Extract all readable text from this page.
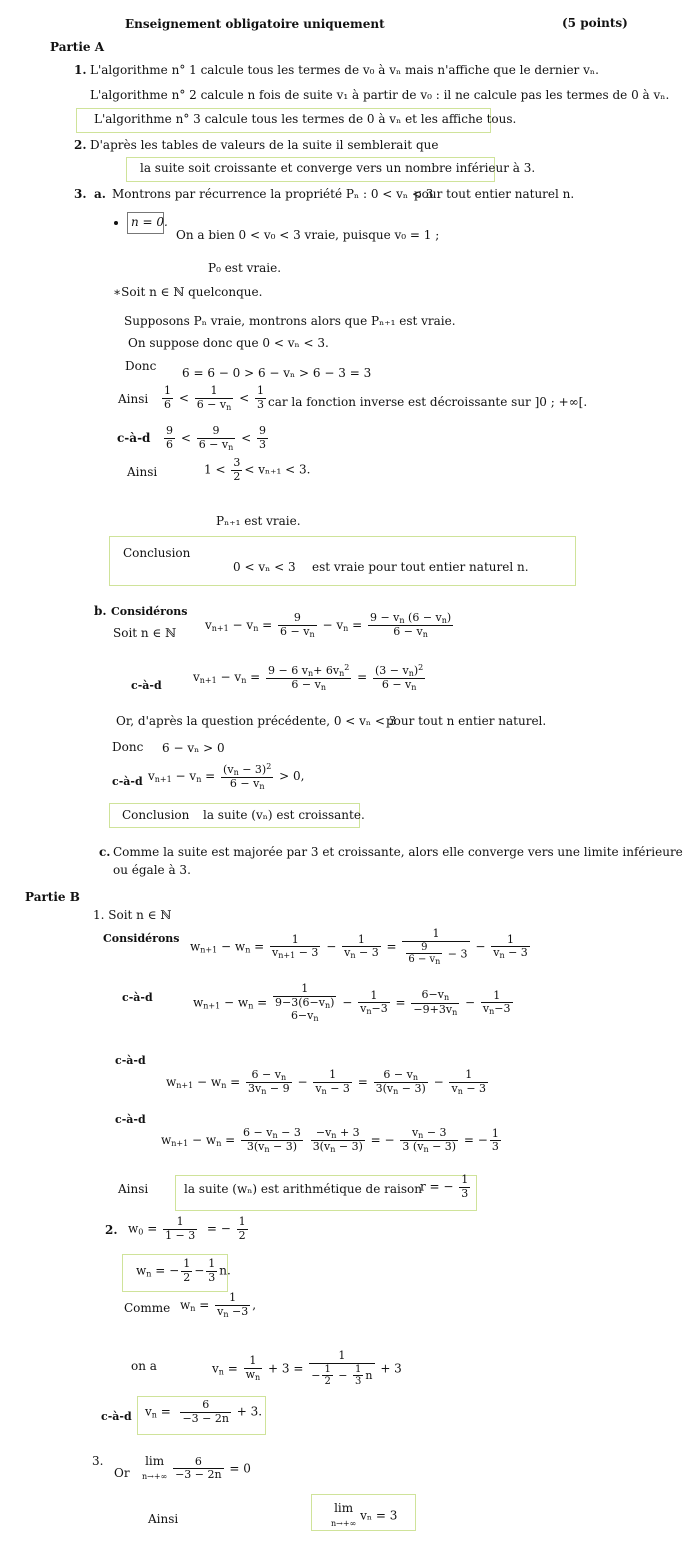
Enseignement obligatoire uniquement	(5 points)
Partie A
1. L'algorithme n° 1 calcule tous les termes de v₀ à vₙ mais n'affiche que le dernier vₙ.
L'algorithme n° 2 calcule n fois de suite v₁ à partir de v₀ : il ne calcule pas les termes de 0 à vₙ.
L'algorithme n° 3 calcule tous les termes de 0 à vₙ et les affiche tous.
2. D'après les tables de valeurs de la suite il semblerait que
la suite soit croissante et converge vers un nombre inférieur à 3.
3. a. Montrons par récurrence la propriété Pₙ : 0 < vₙ < 3
pour tout entier naturel n.
n = 0.
On a bien 0 < v₀ < 3 vraie, puisque v₀ = 1 ;
P₀ est vraie.
∗Soit n ∈ ℕ quelconque.
Supposons Pₙ vraie, montrons alors que Pₙ₊₁ est vraie.
On suppose donc que 0 < vₙ < 3.
Donc 6 = 6 − 0 > 6 − vₙ > 6 − 3 = 3
Ainsi $\frac{1}{6} < \frac{1}{6 - v_n} < \frac{1}{3}$ car la fonction inverse est décroissante sur ]0 ; +∞[.
c-à-d $\frac{9}{6} < \frac{9}{6 - v_n} < \frac{9}{3}$
Ainsi	$1 < \frac{3}{2} < v_{n+1} < 3$.
Pₙ₊₁ est vraie.
Conclusion
0 < vₙ < 3 est vraie pour tout entier naturel n.
b. Considérons
Soit n ∈ ℕ
$v_{n+1} - v_n = \frac{9}{6 - v_n} - v_n = \frac{9 - v_n (6 - v_n)}{6 - v_n}$
c-à-d
$v_{n+1} - v_n = \frac{9 - 6 v_n+ 6v_n^2}{6 - v_n} = \frac{(3 - v_n)^2}{6 - v_n}$
Or, d'après la question précédente, 0 < vₙ < 3
pour tout n entier naturel.
Donc 6 − vₙ > 0
c-à-d $v_{n+1} - v_n = \frac{(v_n - 3)^2}{6 - v_n} > 0$,
Conclusion la suite (vₙ) est croissante.
c. Comme la suite est majorée par 3 et croissante, alors elle converge vers une limite inférieure
ou égale à 3.
Partie B
1. Soit n ∈ ℕ
Considérons
$w_{n+1} - w_n = \frac{1}{v_{n+1} - 3} - \frac{1}{v_n - 3} = \frac{1}{\frac{9}{6 - v_n} - 3} - \frac{1}{v_n - 3}$
c-à-d	$w_{n+1} - w_n$ =
1
$9-3(6-v_n)$
$6-v_n$
− $\frac{1}{v_n-3} = \frac{6-v_n}{-9+3v_n} - \frac{1}{v_n-3}$
c-à-d
$w_{n+1} - w_n = \frac{6 - v_n}{3v_n - 9} - \frac{1}{v_n - 3} = \frac{6 - v_n}{3(v_n - 3)} - \frac{1}{v_n - 3}$
c-à-d
$w_{n+1} - w_n = \frac{6 - v_n - 3}{3(v_n - 3)}$
$\frac{-v_n + 3}{3(v_n - 3)}$ = − $\frac{v_n - 3}{3 (v_n - 3)}$ = − $\frac{1}{3}$
Ainsi	la suite (wₙ) est arithmétique de raison
r = − $\frac{1}{3}$
2. $w_0 = \frac{1}{1 - 3}$ = − $\frac{1}{2}$
$w_n$ = − $\frac{1}{2} - \frac{1}{3} n$.
Comme $w_n = \frac{1}{v_n -3}$ ,
on a	$v_n = \frac{1}{w_n} + 3 = \frac{1}{- \frac{1}{2} - \frac{1}{3} n} + 3$
c-à-d $v_n = \frac{6}{-3 - 2n} + 3$.
3.
Or
lim
$n\to+\infty \frac{6}{-3 - 2n} = 0$
Ainsi
lim
n→+∞ vₙ = 3
